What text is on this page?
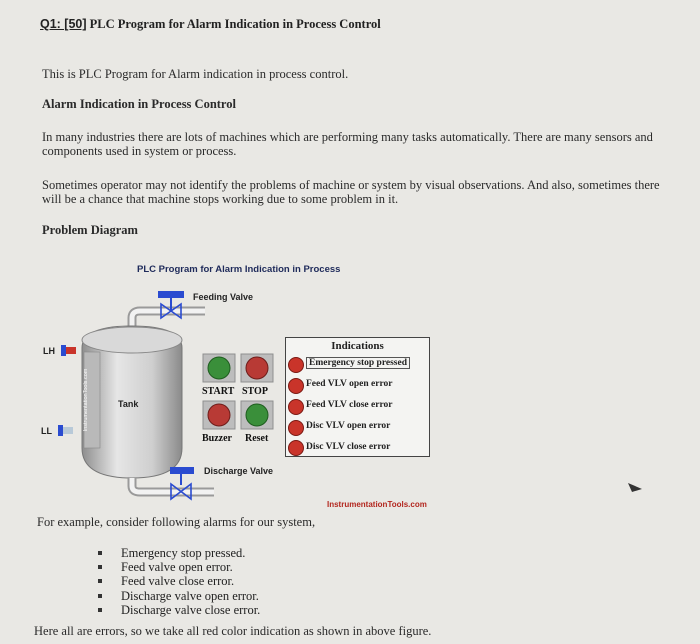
Q1: [50] PLC Program for Alarm Indication in Process Control
This is PLC Program for Alarm indication in process control.
Alarm Indication in Process Control
In many industries there are lots of machines which are performing many tasks automatically. There are many sensors and
components used in system or process.
Sometimes operator may not identify the problems of machine or system by visual observations. And also, sometimes there
will be a chance that machine stops working due to some problem in it.
Problem Diagram
PLC Program for Alarm Indication in Process
Feeding Valve
Discharge Valve
Tank
LH
LL	InstrumentationTools.com	START STOP
Buzzer Reset
Indications
Emergency stop pressed
Feed VLV open error
Feed VLV close error
Disc VLV open error
Disc VLV close error
InstrumentationTools.com
For example, consider following alarms for our system,
Emergency stop pressed.
Feed valve open error.
Feed valve close error.
Discharge valve open error.
Discharge valve close error.
Here all are errors, so we take all red color indication as shown in above figure.
